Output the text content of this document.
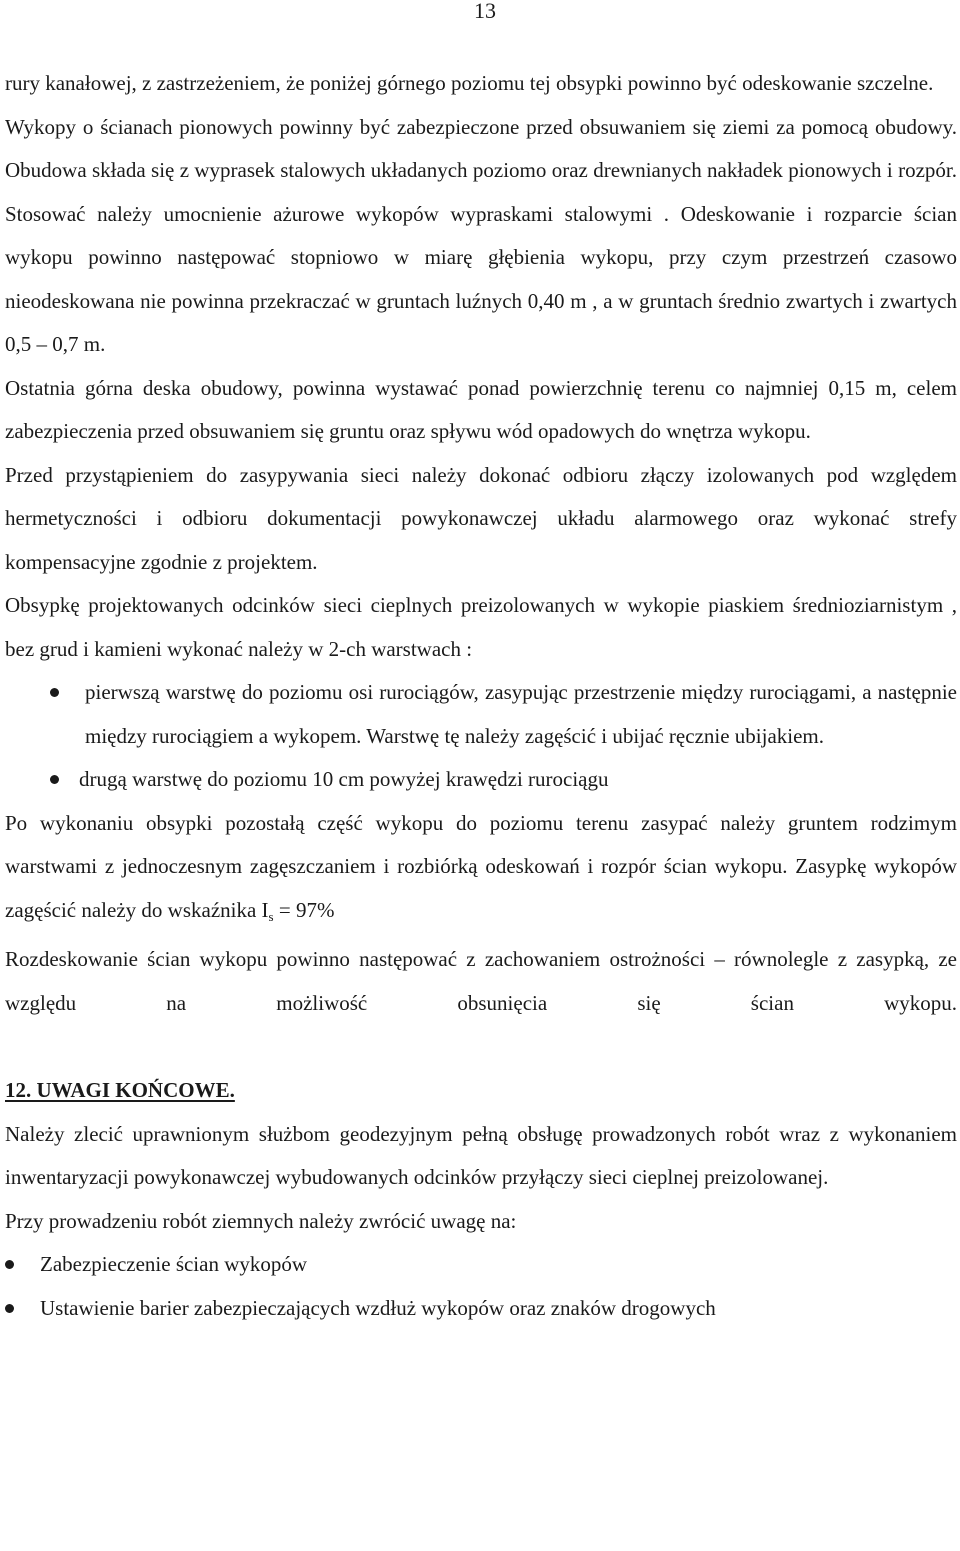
13

rury kanałowej, z zastrzeżeniem, że poniżej górnego poziomu tej obsypki powinno być odeskowanie szczelne.

Wykopy o ścianach pionowych powinny być zabezpieczone przed obsuwaniem się ziemi za pomocą obudowy. Obudowa składa się z wyprasek stalowych układanych poziomo oraz drewnianych nakładek pionowych i rozpór. Stosować należy umocnienie ażurowe wykopów wypraskami stalowymi . Odeskowanie i rozparcie ścian wykopu powinno następować stopniowo w miarę głębienia wykopu, przy czym przestrzeń czasowo nieodeskowana nie powinna przekraczać w gruntach luźnych 0,40 m , a w gruntach średnio zwartych i zwartych 0,5 – 0,7 m.

Ostatnia górna deska obudowy, powinna wystawać ponad powierzchnię terenu co najmniej 0,15 m, celem zabezpieczenia przed obsuwaniem się gruntu oraz spływu wód opadowych do wnętrza wykopu.

Przed przystąpieniem do zasypywania sieci należy dokonać odbioru złączy izolowanych pod względem hermetyczności i odbioru dokumentacji powykonawczej układu alarmowego oraz wykonać strefy kompensacyjne zgodnie z projektem.

Obsypkę projektowanych odcinków sieci cieplnych preizolowanych w wykopie piaskiem średnioziarnistym , bez grud i kamieni wykonać należy w 2-ch warstwach :

pierwszą warstwę do poziomu osi rurociągów, zasypując przestrzenie między rurociągami, a następnie między rurociągiem a wykopem. Warstwę tę należy zagęścić i ubijać ręcznie ubijakiem.
drugą warstwę do poziomu 10 cm powyżej krawędzi rurociągu

Po wykonaniu obsypki pozostałą część wykopu do poziomu terenu zasypać należy gruntem rodzimym warstwami z jednoczesnym zagęszczaniem i rozbiórką odeskowań i rozpór ścian wykopu. Zasypkę wykopów zagęścić należy do wskaźnika $I_s = 97\%$

Rozdeskowanie ścian wykopu powinno następować z zachowaniem ostrożności – równolegle z zasypką, ze względu na możliwość obsunięcia się ścian wykopu.

12. UWAGI KOŃCOWE.

Należy zlecić uprawnionym służbom geodezyjnym pełną obsługę prowadzonych robót wraz z wykonaniem inwentaryzacji powykonawczej wybudowanych odcinków przyłączy sieci cieplnej preizolowanej.

Przy prowadzeniu robót ziemnych należy zwrócić uwagę na:

Zabezpieczenie ścian wykopów
Ustawienie barier zabezpieczających wzdłuż wykopów oraz znaków drogowych
